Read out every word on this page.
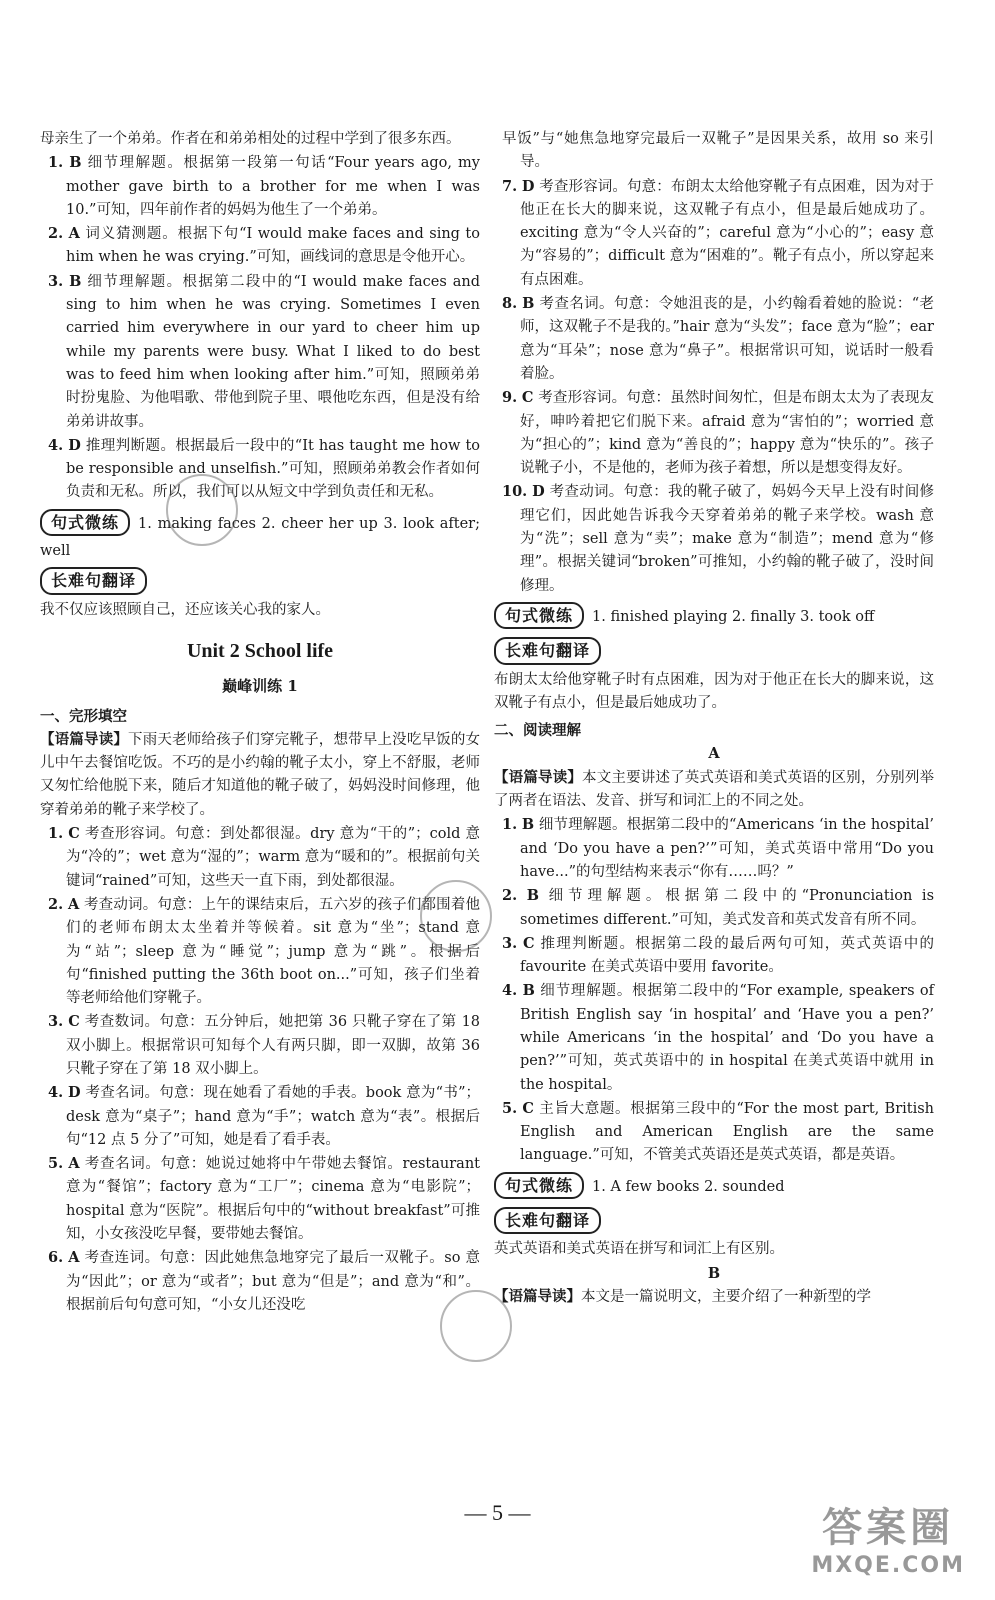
母亲生了一个弟弟。作者在和弟弟相处的过程中学到了很多东西。

1. B 细节理解题。根据第一段第一句话“Four years ago, my mother gave birth to a brother for me when I was 10.”可知，四年前作者的妈妈为他生了一个弟弟。

2. A 词义猜测题。根据下句“I would make faces and sing to him when he was crying.”可知，画线词的意思是令他开心。

3. B 细节理解题。根据第二段中的“I would make faces and sing to him when he was crying. Sometimes I even carried him everywhere in our yard to cheer him up while my parents were busy. What I liked to do best was to feed him when looking after him.”可知，照顾弟弟时扮鬼脸、为他唱歌、带他到院子里、喂他吃东西，但是没有给弟弟讲故事。

4. D 推理判断题。根据最后一段中的“It has taught me how to be responsible and unselfish.”可知，照顾弟弟教会作者如何负责和无私。所以，我们可以从短文中学到负责任和无私。

句式微练 1. making faces 2. cheer her up 3. look after; well

长难句翻译

我不仅应该照顾自己，还应该关心我的家人。

Unit 2 School life
巅峰训练 1

一、完形填空

【语篇导读】下雨天老师给孩子们穿完靴子，想带早上没吃早饭的女儿中午去餐馆吃饭。不巧的是小约翰的靴子太小，穿上不舒服，老师又匆忙给他脱下来，随后才知道他的靴子破了，妈妈没时间修理，他穿着弟弟的靴子来学校了。

1. C 考查形容词。句意：到处都很湿。dry 意为“干的”；cold 意为“冷的”；wet 意为“湿的”；warm 意为“暖和的”。根据前句关键词“rained”可知，这些天一直下雨，到处都很湿。

2. A 考查动词。句意：上午的课结束后，五六岁的孩子们都围着他们的老师布朗太太坐着并等候着。sit 意为“坐”；stand 意为“站”；sleep 意为“睡觉”；jump 意为“跳”。根据后句“finished putting the 36th boot on...”可知，孩子们坐着等老师给他们穿靴子。

3. C 考查数词。句意：五分钟后，她把第 36 只靴子穿在了第 18 双小脚上。根据常识可知每个人有两只脚，即一双脚，故第 36 只靴子穿在了第 18 双小脚上。

4. D 考查名词。句意：现在她看了看她的手表。book 意为“书”；desk 意为“桌子”；hand 意为“手”；watch 意为“表”。根据后句“12 点 5 分了”可知，她是看了看手表。

5. A 考查名词。句意：她说过她将中午带她去餐馆。restaurant 意为“餐馆”；factory 意为“工厂”；cinema 意为“电影院”；hospital 意为“医院”。根据后句中的“without breakfast”可推知，小女孩没吃早餐，要带她去餐馆。

6. A 考查连词。句意：因此她焦急地穿完了最后一双靴子。so 意为“因此”；or 意为“或者”；but 意为“但是”；and 意为“和”。根据前后句句意可知，“小女儿还没吃

早饭”与“她焦急地穿完最后一双靴子”是因果关系，故用 so 来引导。

7. D 考查形容词。句意：布朗太太给他穿靴子有点困难，因为对于他正在长大的脚来说，这双靴子有点小，但是最后她成功了。exciting 意为“令人兴奋的”；careful 意为“小心的”；easy 意为“容易的”；difficult 意为“困难的”。靴子有点小，所以穿起来有点困难。

8. B 考查名词。句意：令她沮丧的是，小约翰看着她的脸说：“老师，这双靴子不是我的。”hair 意为“头发”；face 意为“脸”；ear 意为“耳朵”；nose 意为“鼻子”。根据常识可知，说话时一般看着脸。

9. C 考查形容词。句意：虽然时间匆忙，但是布朗太太为了表现友好，呻吟着把它们脱下来。afraid 意为“害怕的”；worried 意为“担心的”；kind 意为“善良的”；happy 意为“快乐的”。孩子说靴子小，不是他的，老师为孩子着想，所以是想变得友好。

10. D 考查动词。句意：我的靴子破了，妈妈今天早上没有时间修理它们，因此她告诉我今天穿着弟弟的靴子来学校。wash 意为“洗”；sell 意为“卖”；make 意为“制造”；mend 意为“修理”。根据关键词“broken”可推知，小约翰的靴子破了，没时间修理。

句式微练 1. finished playing 2. finally 3. took off

长难句翻译

布朗太太给他穿靴子时有点困难，因为对于他正在长大的脚来说，这双靴子有点小，但是最后她成功了。

二、阅读理解

A

【语篇导读】本文主要讲述了英式英语和美式英语的区别，分别列举了两者在语法、发音、拼写和词汇上的不同之处。

1. B 细节理解题。根据第二段中的“Americans ‘in the hospital’ and ‘Do you have a pen?’”可知，美式英语中常用“Do you have...”的句型结构来表示“你有……吗？”

2. B 细节理解题。根据第二段中的“Pronunciation is sometimes different.”可知，美式发音和英式发音有所不同。

3. C 推理判断题。根据第二段的最后两句可知，英式英语中的 favourite 在美式英语中要用 favorite。

4. B 细节理解题。根据第二段中的“For example, speakers of British English say ‘in hospital’ and ‘Have you a pen?’ while Americans ‘in the hospital’ and ‘Do you have a pen?’”可知，英式英语中的 in hospital 在美式英语中就用 in the hospital。

5. C 主旨大意题。根据第三段中的“For the most part, British English and American English are the same language.”可知，不管美式英语还是英式英语，都是英语。

句式微练 1. A few books 2. sounded

长难句翻译

英式英语和美式英语在拼写和词汇上有区别。

B

【语篇导读】本文是一篇说明文，主要介绍了一种新型的学

— 5 —	答案圈
MXQE.COM
